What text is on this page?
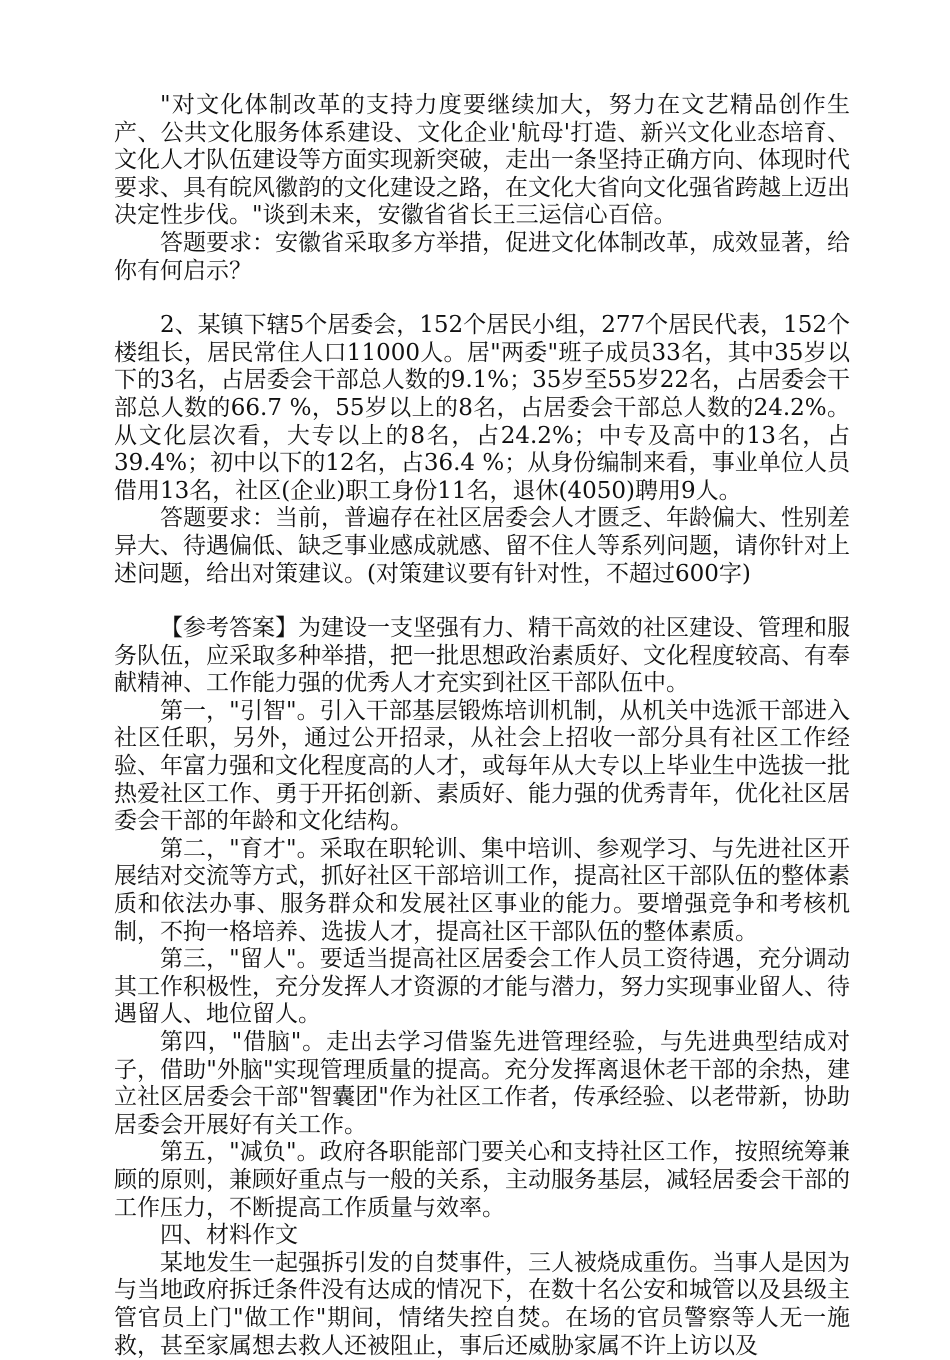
"对文化体制改革的支持力度要继续加大，努力在文艺精品创作生产、公共文化服务体系建设、文化企业'航母'打造、新兴文化业态培育、文化人才队伍建设等方面实现新突破，走出一条坚持正确方向、体现时代要求、具有皖风徽韵的文化建设之路，在文化大省向文化强省跨越上迈出决定性步伐。"谈到未来，安徽省省长王三运信心百倍。

答题要求：安徽省采取多方举措，促进文化体制改革，成效显著，给你有何启示？

2、某镇下辖5个居委会，152个居民小组，277个居民代表，152个楼组长，居民常住人口11000人。居"两委"班子成员33名，其中35岁以下的3名，占居委会干部总人数的9.1%；35岁至55岁22名，占居委会干部总人数的66.7 %，55岁以上的8名，占居委会干部总人数的24.2%。从文化层次看，大专以上的8名，占24.2%；中专及高中的13名，占39.4%；初中以下的12名，占36.4 %；从身份编制来看，事业单位人员借用13名，社区(企业)职工身份11名，退休(4050)聘用9人。

答题要求：当前，普遍存在社区居委会人才匮乏、年龄偏大、性别差异大、待遇偏低、缺乏事业感成就感、留不住人等系列问题，请你针对上述问题，给出对策建议。(对策建议要有针对性，不超过600字)

【参考答案】为建设一支坚强有力、精干高效的社区建设、管理和服务队伍，应采取多种举措，把一批思想政治素质好、文化程度较高、有奉献精神、工作能力强的优秀人才充实到社区干部队伍中。

第一，"引智"。引入干部基层锻炼培训机制，从机关中选派干部进入社区任职，另外，通过公开招录，从社会上招收一部分具有社区工作经验、年富力强和文化程度高的人才，或每年从大专以上毕业生中选拔一批热爱社区工作、勇于开拓创新、素质好、能力强的优秀青年，优化社区居委会干部的年龄和文化结构。

第二，"育才"。采取在职轮训、集中培训、参观学习、与先进社区开展结对交流等方式，抓好社区干部培训工作，提高社区干部队伍的整体素质和依法办事、服务群众和发展社区事业的能力。要增强竞争和考核机制，不拘一格培养、选拔人才，提高社区干部队伍的整体素质。

第三，"留人"。要适当提高社区居委会工作人员工资待遇，充分调动其工作积极性，充分发挥人才资源的才能与潜力，努力实现事业留人、待遇留人、地位留人。

第四，"借脑"。走出去学习借鉴先进管理经验，与先进典型结成对子，借助"外脑"实现管理质量的提高。充分发挥离退休老干部的余热，建立社区居委会干部"智囊团"作为社区工作者，传承经验、以老带新，协助居委会开展好有关工作。

第五，"减负"。政府各职能部门要关心和支持社区工作，按照统筹兼顾的原则，兼顾好重点与一般的关系，主动服务基层，减轻居委会干部的工作压力，不断提高工作质量与效率。

四、材料作文

某地发生一起强拆引发的自焚事件，三人被烧成重伤。当事人是因为与当地政府拆迁条件没有达成的情况下，在数十名公安和城管以及县级主管官员上门"做工作"期间，情绪失控自焚。在场的官员警察等人无一施救，甚至家属想去救人还被阻止，事后还威胁家属不许上访以及
